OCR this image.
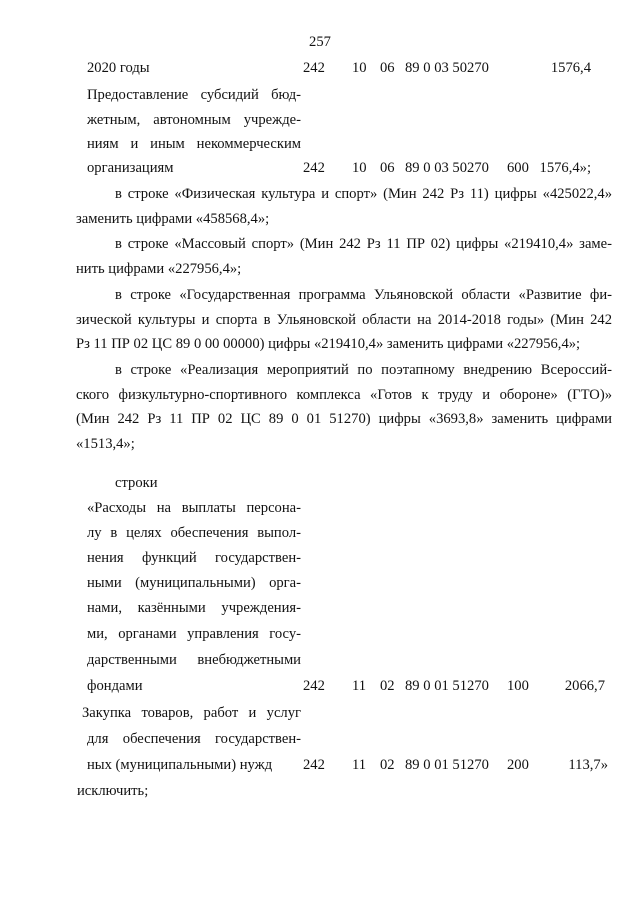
257
2020 годы	242 10 06 89 0 03 50270	1576,4
Предоставление субсидий бюд-
жетным, автономным учрежде-
ниям и иным некоммерческим
организациям	242 10 06 89 0 03 50270 600 1576,4»;
в строке «Физическая культура и спорт» (Мин 242 Рз 11) цифры «425022,4»
заменить цифрами «458568,4»;
в строке «Массовый спорт» (Мин 242 Рз 11 ПР 02) цифры «219410,4» заме-
нить цифрами «227956,4»;
в строке «Государственная программа Ульяновской области «Развитие фи-
зической культуры и спорта в Ульяновской области на 2014-2018 годы» (Мин 242
Рз 11 ПР 02 ЦС 89 0 00 00000) цифры «219410,4» заменить цифрами «227956,4»;
в строке «Реализация мероприятий по поэтапному внедрению Всероссий-
ского физкультурно-спортивного комплекса «Готов к труду и обороне» (ГТО)»
(Мин 242 Рз 11 ПР 02 ЦС 89 0 01 51270) цифры «3693,8» заменить цифрами
«1513,4»;
строки
«Расходы на выплаты персона-
лу в целях обеспечения выпол-
нения функций государствен-
ными (муниципальными) орга-
нами, казёнными учреждения-
ми, органами управления госу-
дарственными внебюджетными
фондами	242 11 02 89 0 01 51270 100 2066,7
Закупка товаров, работ и услуг
для обеспечения государствен-
ных (муниципальными) нужд	242 11 02 89 0 01 51270 200	113,7»
исключить;
